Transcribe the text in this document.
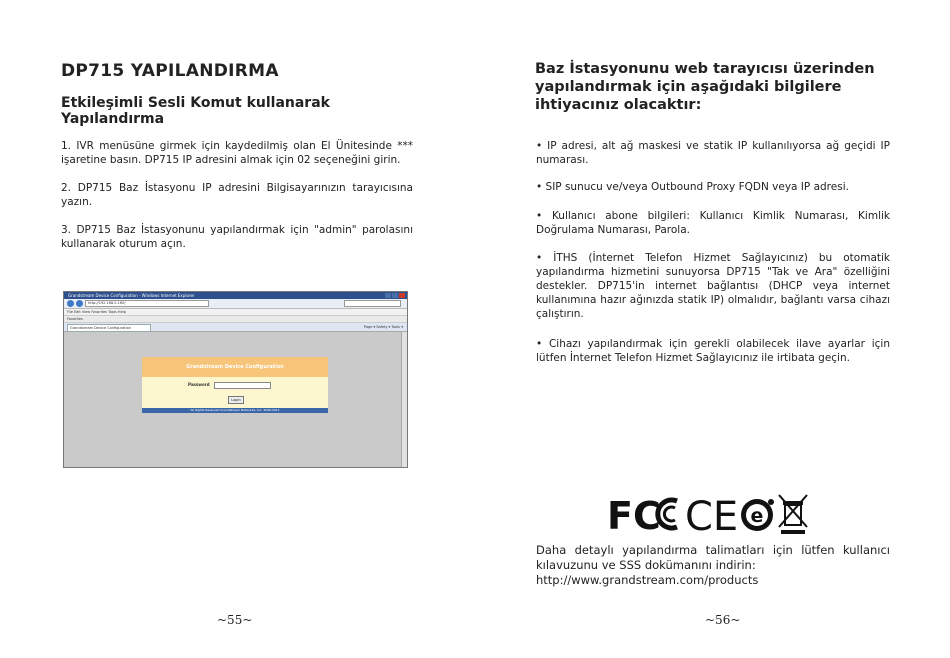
DP715 YAPILANDIRMA
Etkileşimli Sesli Komut kullanarak Yapılandırma

1. IVR menüsüne girmek için kaydedilmiş olan El Ünitesinde *** işaretine basın. DP715 IP adresini almak için 02 seçeneğini girin.

2. DP715 Baz İstasyonu IP adresini Bilgisayarınızın tarayıcısına yazın.

3. DP715 Baz İstasyonunu yapılandırmak için "admin" parolasını kullanarak oturum açın.

Grandstream Device Configuration - Windows Internet Explorer
http://192.168.0.160/
File Edit View Favorites Tools Help
Favorites
Grandstream Device Configuration	Page ▾ Safety ▾ Tools ▾
Grandstream Device Configuration
Password
Login
All Rights Reserved Grandstream Networks, Inc. 2006-2011
~55~
Baz İstasyonunu web tarayıcısı üzerinden yapılandırmak için aşağıdaki bilgilere ihtiyacınız olacaktır:

• IP adresi, alt ağ maskesi ve statik IP kullanılıyorsa ağ geçidi IP numarası.

• SIP sunucu ve/veya Outbound Proxy FQDN veya IP adresi.

• Kullanıcı abone bilgileri: Kullanıcı Kimlik Numarası, Kimlik Doğrulama Numarası, Parola.

• İTHS (İnternet Telefon Hizmet Sağlayıcınız) bu otomatik yapılandırma hizmetini sunuyorsa DP715 "Tak ve Ara" özelliğini destekler. DP715'in internet bağlantısı (DHCP veya internet kullanımına hazır ağınızda statik IP) olmalıdır, bağlantı varsa cihazı çalıştırın.

• Cihazı yapılandırmak için gerekli olabilecek ilave ayarlar için lütfen İnternet Telefon Hizmet Sağlayıcınız ile irtibata geçin.

FC CE e

Daha detaylı yapılandırma talimatları için lütfen kullanıcı kılavuzunu ve SSS dokümanını indirin:
http://www.grandstream.com/products

~56~
